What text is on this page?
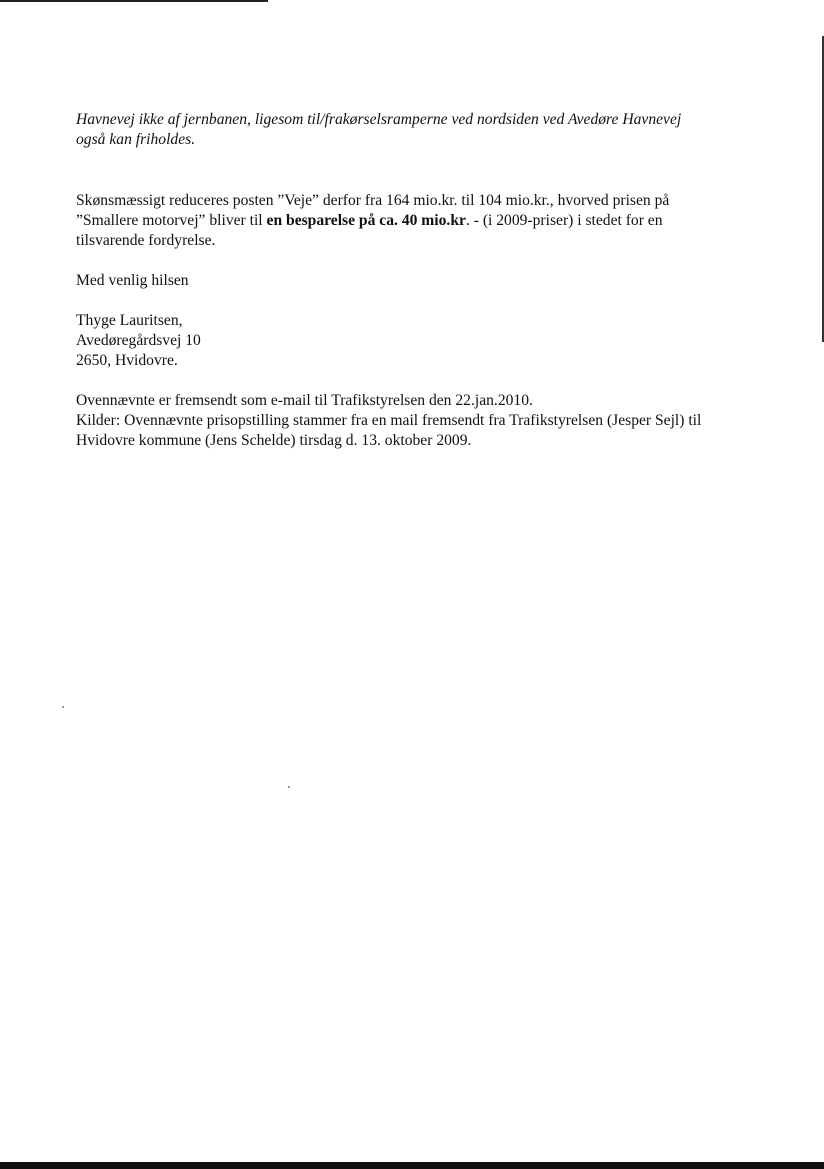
Havnevej ikke af jernbanen, ligesom til/frakørselsramperne ved nordsiden ved Avedøre Havnevej
også kan friholdes.

Skønsmæssigt reduceres posten ”Veje” derfor fra 164 mio.kr. til 104 mio.kr., hvorved prisen på
”Smallere motorvej” bliver til en besparelse på ca. 40 mio.kr. - (i 2009-priser) i stedet for en
tilsvarende fordyrelse.

Med venlig hilsen

Thyge Lauritsen,
Avedøregårdsvej 10
2650, Hvidovre.

Ovennævnte er fremsendt som e-mail til Trafikstyrelsen den 22.jan.2010.
Kilder: Ovennævnte prisopstilling stammer fra en mail fremsendt fra Trafikstyrelsen (Jesper Sejl) til
Hvidovre kommune (Jens Schelde) tirsdag d. 13. oktober 2009.
